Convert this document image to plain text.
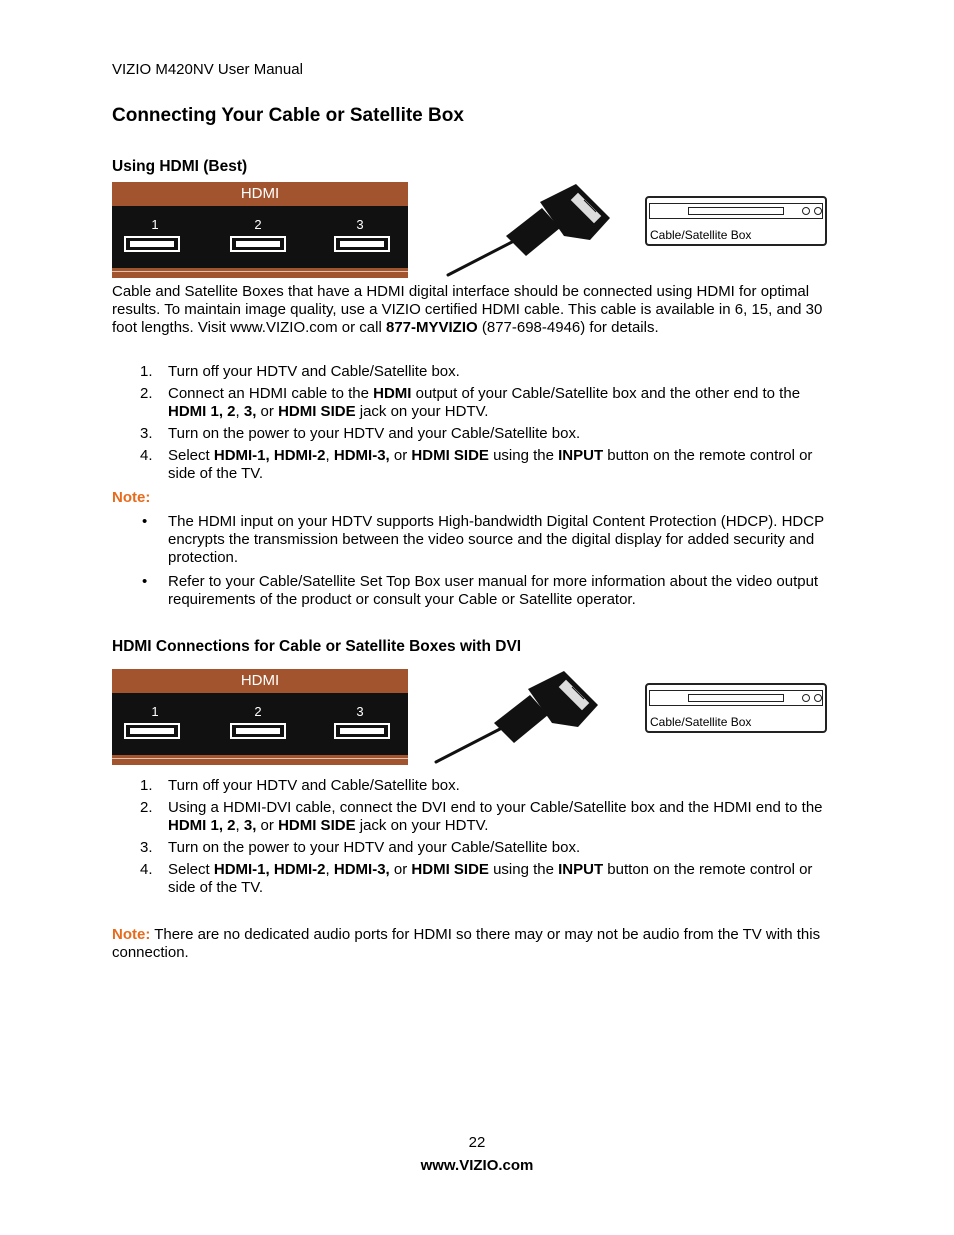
VIZIO M420NV User Manual
Connecting Your Cable or Satellite Box
Using HDMI (Best)
HDMI
1	2	3
Cable/Satellite Box
Cable and Satellite Boxes that have a HDMI digital interface should be connected using HDMI for optimal results. To maintain image quality, use a VIZIO certified HDMI cable. This cable is available in 6, 15, and 30 foot lengths. Visit www.VIZIO.com or call 877-MYVIZIO (877-698-4946) for details.
1. Turn off your HDTV and Cable/Satellite box.
2. Connect an HDMI cable to the HDMI output of your Cable/Satellite box and the other end to the HDMI 1, 2, 3, or HDMI SIDE jack on your HDTV.
3. Turn on the power to your HDTV and your Cable/Satellite box.
4. Select HDMI-1, HDMI-2, HDMI-3, or HDMI SIDE using the INPUT button on the remote control or side of the TV.
Note:
• The HDMI input on your HDTV supports High-bandwidth Digital Content Protection (HDCP). HDCP encrypts the transmission between the video source and the digital display for added security and protection.
• Refer to your Cable/Satellite Set Top Box user manual for more information about the video output requirements of the product or consult your Cable or Satellite operator.
HDMI Connections for Cable or Satellite Boxes with DVI
HDMI
1	2	3
Cable/Satellite Box
1. Turn off your HDTV and Cable/Satellite box.
2. Using a HDMI-DVI cable, connect the DVI end to your Cable/Satellite box and the HDMI end to the HDMI 1, 2, 3, or HDMI SIDE jack on your HDTV.
3. Turn on the power to your HDTV and your Cable/Satellite box.
4. Select HDMI-1, HDMI-2, HDMI-3, or HDMI SIDE using the INPUT button on the remote control or side of the TV.
Note: There are no dedicated audio ports for HDMI so there may or may not be audio from the TV with this connection.
22
www.VIZIO.com
